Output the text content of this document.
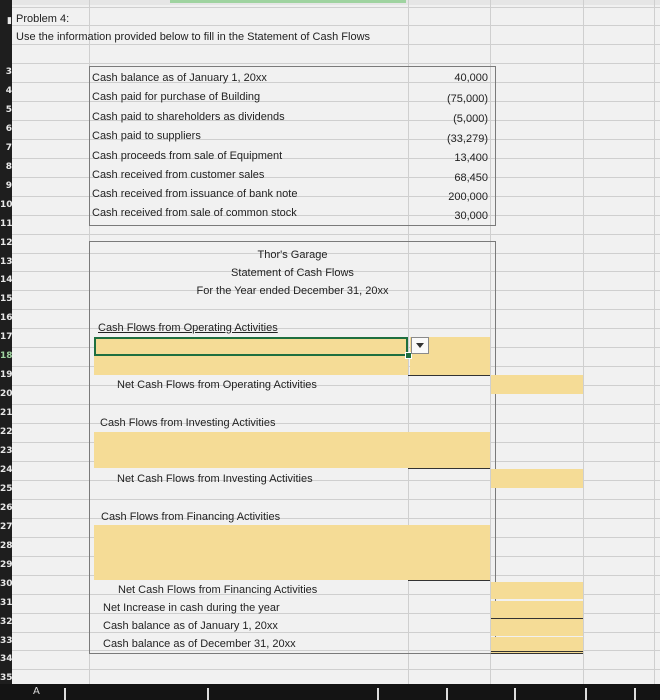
▮
3
4
5
6
7
8
9
10
11
12
13
14
15
16
17
18
19
20
21
22
23
24
25
26
27
28
29
30
31
32
33
34
35
Problem 4:
Use the information provided below to fill in the Statement of Cash Flows
Cash balance as of January 1, 20xx	40,000
Cash paid for purchase of Building	(75,000)
Cash paid to shareholders as dividends	(5,000)
Cash paid to suppliers	(33,279)
Cash proceeds from sale of Equipment	13,400
Cash received from customer sales	68,450
Cash received from issuance of bank note	200,000
Cash received from sale of common stock	30,000
Thor's Garage
Statement of Cash Flows
For the Year ended December 31, 20xx
Cash Flows from Operating Activities
Net Cash Flows from Operating Activities
Cash Flows from Investing Activities
Net Cash Flows from Investing Activities
Cash Flows from Financing Activities
Net Cash Flows from Financing Activities
Net Increase in cash during the year
Cash balance as of January 1, 20xx
Cash balance as of December 31, 20xx
A
